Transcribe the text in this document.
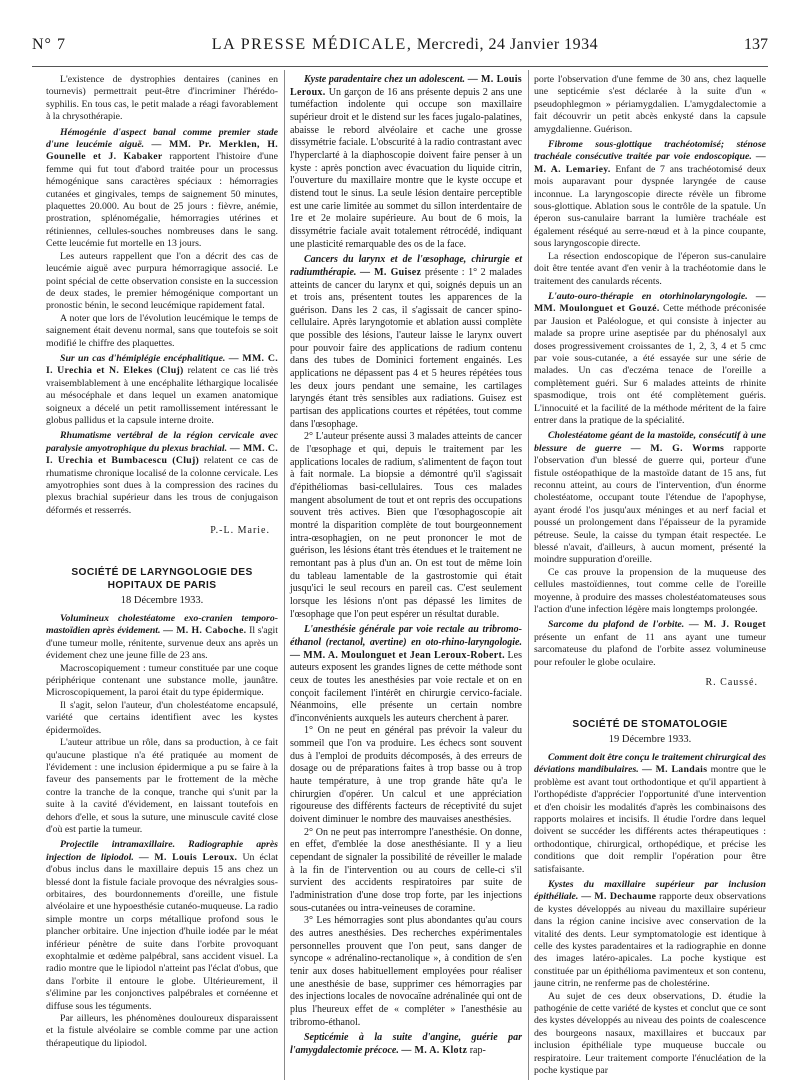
N° 7	LA PRESSE MÉDICALE, Mercredi, 24 Janvier 1934	137

L'existence de dystrophies dentaires (canines en tournevis) permettrait peut-être d'incriminer l'hérédo-syphilis. En tous cas, le petit malade a réagi favorablement à la chrysothérapie.

Hémogénie d'aspect banal comme premier stade d'une leucémie aiguë. — MM. Pr. Merklen, H. Gounelle et J. Kabaker rapportent l'histoire d'une femme qui fut tout d'abord traitée pour un processus hémogénique sans caractères spéciaux : hémorragies cutanées et gingivales, temps de saignement 50 minutes, plaquettes 20.000. Au bout de 25 jours : fièvre, anémie, prostration, splénomégalie, hémorragies utérines et rétiniennes, cellules-souches nombreuses dans le sang. Cette leucémie fut mortelle en 13 jours.

Les auteurs rappellent que l'on a décrit des cas de leucémie aiguë avec purpura hémorragique associé. Le point spécial de cette observation consiste en la succession de deux stades, le premier hémogénique comportant un pronostic bénin, le second leucémique rapidement fatal.

A noter que lors de l'évolution leucémique le temps de saignement était devenu normal, sans que toutefois se soit modifié le chiffre des plaquettes.

Sur un cas d'hémiplégie encéphalitique. — MM. C. I. Urechia et N. Elekes (Cluj) relatent ce cas lié très vraisemblablement à une encéphalite léthargique localisée au mésocéphale et dans lequel un examen anatomique soigneux a décelé un petit ramollissement intéressant le globus pallidus et la capsule interne droite.

Rhumatisme vertébral de la région cervicale avec paralysie amyotrophique du plexus brachial. — MM. C. I. Urechia et Bumbacescu (Cluj) relatent ce cas de rhumatisme chronique localisé de la colonne cervicale. Les amyotrophies sont dues à la compression des racines du plexus brachial supérieur dans les trous de conjugaison déformés et resserrés.

P.-L. Marie.
SOCIÉTÉ DE LARYNGOLOGIE DES HOPITAUX DE PARIS
18 Décembre 1933.

Volumineux cholestéatome exo-cranien temporo-mastoïdien après évidement. — M. H. Caboche. Il s'agit d'une tumeur molle, rénitente, survenue deux ans après un évidement chez une jeune fille de 23 ans.

Macroscopiquement : tumeur constituée par une coque périphérique contenant une substance molle, jaunâtre. Microscopiquement, la paroi était du type épidermique.

Il s'agit, selon l'auteur, d'un cholestéatome encapsulé, variété que certains identifient avec les kystes épidermoïdes.

L'auteur attribue un rôle, dans sa production, à ce fait qu'aucune plastique n'a été pratiquée au moment de l'évidement : une inclusion épidermique a pu se faire à la faveur des pansements par le frottement de la mèche contre la tranche de la conque, tranche qui s'unit par la suite à la cavité d'évidement, en laissant toutefois en dehors d'elle, et sous la suture, une minuscule cavité close d'où est partie la tumeur.

Projectile intramaxillaire. Radiographie après injection de lipiodol. — M. Louis Leroux. Un éclat d'obus inclus dans le maxillaire depuis 15 ans chez un blessé dont la fistule faciale provoque des névralgies sous-orbitaires, des bourdonnements d'oreille, une fistule alvéolaire et une hypoesthésie cutanéo-muqueuse. La radio simple montre un corps métallique profond sous le plancher orbitaire. Une injection d'huile iodée par le méat inférieur pénètre de suite dans l'orbite provoquant exophtalmie et œdème palpébral, sans accident visuel. La radio montre que le lipiodol n'atteint pas l'éclat d'obus, que dans l'orbite il entoure le globe. Ultérieurement, il s'élimine par les conjonctives palpébrales et cornéenne et diffuse sous les téguments.

Par ailleurs, les phénomènes douloureux disparaissent et la fistule alvéolaire se comble comme par une action thérapeutique du lipiodol.

Kyste paradentaire chez un adolescent. — M. Louis Leroux. Un garçon de 16 ans présente depuis 2 ans une tuméfaction indolente qui occupe son maxillaire supérieur droit et le distend sur les faces jugalo-palatines, abaisse le rebord alvéolaire et cache une grosse dissymétrie faciale. L'obscurité à la radio contrastant avec l'hyperclarté à la diaphoscopie doivent faire penser à un kyste : après ponction avec évacuation du liquide citrin, l'ouverture du maxillaire montre que le kyste occupe et distend tout le sinus. La seule lésion dentaire perceptible est une carie limitée au sommet du sillon interdentaire de 1re et 2e molaire supérieure. Au bout de 6 mois, la dissymétrie faciale avait totalement rétrocédé, indiquant une plasticité remarquable des os de la face.

Cancers du larynx et de l'œsophage, chirurgie et radiumthérapie. — M. Guisez présente : 1° 2 malades atteints de cancer du larynx et qui, soignés depuis un an et trois ans, présentent toutes les apparences de la guérison. Dans les 2 cas, il s'agissait de cancer spino-cellulaire. Après laryngotomie et ablation aussi complète que possible des lésions, l'auteur laisse le larynx ouvert pour pouvoir faire des applications de radium contenu dans des tubes de Dominici fortement engainés. Les applications ne dépassent pas 4 et 5 heures répétées tous les deux jours pendant une semaine, les cartilages laryngés étant très sensibles aux radiations. Guisez est partisan des applications courtes et répétées, tout comme dans l'œsophage.

2° L'auteur présente aussi 3 malades atteints de cancer de l'œsophage et qui, depuis le traitement par les applications locales de radium, s'alimentent de façon tout à fait normale. La biopsie a démontré qu'il s'agissait d'épithéliomas basi-cellulaires. Tous ces malades mangent absolument de tout et ont repris des occupations souvent très actives. Bien que l'œsophagoscopie ait montré la disparition complète de tout bourgeonnement intra-œsophagien, on ne peut prononcer le mot de guérison, les lésions étant très étendues et le traitement ne remontant pas à plus d'un an. On est tout de même loin du tableau lamentable de la gastrostomie qui était jusqu'ici le seul recours en pareil cas. C'est seulement lorsque les lésions n'ont pas dépassé les limites de l'œsophage que l'on peut espérer un résultat durable.

L'anesthésie générale par voie rectale au tribromo-éthanol (rectanol, avertine) en oto-rhino-laryngologie. — MM. A. Moulonguet et Jean Leroux-Robert. Les auteurs exposent les grandes lignes de cette méthode sont ceux de toutes les anesthésies par voie rectale et on en conçoit facilement l'intérêt en chirurgie cervico-faciale. Néanmoins, elle présente un certain nombre d'inconvénients auxquels les auteurs cherchent à parer.

1° On ne peut en général pas prévoir la valeur du sommeil que l'on va produire. Les échecs sont souvent dus à l'emploi de produits décomposés, à des erreurs de dosage ou de préparations faites à trop basse ou à trop haute température, à une trop grande hâte qu'a le chirurgien d'opérer. Un calcul et une appréciation rigoureuse des différents facteurs de réceptivité du sujet doivent diminuer le nombre des mauvaises anesthésies.

2° On ne peut pas interrompre l'anesthésie. On donne, en effet, d'emblée la dose anesthésiante. Il y a lieu cependant de signaler la possibilité de réveiller le malade à la fin de l'intervention ou au cours de celle-ci s'il survient des accidents respiratoires par suite de l'administration d'une dose trop forte, par les injections sous-cutanées ou intra-veineuses de coramine.

3° Les hémorragies sont plus abondantes qu'au cours des autres anesthésies. Des recherches expérimentales personnelles prouvent que l'on peut, sans danger de syncope « adrénalino-rectanolique », à condition de s'en tenir aux doses habituellement employées pour réaliser une anesthésie de base, supprimer ces hémorragies par des injections locales de novocaïne adrénalinée qui ont de plus l'heureux effet de « compléter » l'anesthésie au tribromo-éthanol.

Septicémie à la suite d'angine, guérie par l'amygdalectomie précoce. — M. A. Klotz rap-

porte l'observation d'une femme de 30 ans, chez laquelle une septicémie s'est déclarée à la suite d'un « pseudophlegmon » périamygdalien. L'amygdalectomie a fait découvrir un petit abcès enkysté dans la capsule amygdalienne. Guérison.

Fibrome sous-glottique trachéotomisé; sténose trachéale consécutive traitée par voie endoscopique. — M. A. Lemariey. Enfant de 7 ans trachéotomisé deux mois auparavant pour dyspnée laryngée de cause inconnue. La laryngoscopie directe révèle un fibrome sous-glottique. Ablation sous le contrôle de la spatule. Un éperon sus-canulaire barrant la lumière trachéale est également réséqué au serre-nœud et à la pince coupante, sous laryngoscopie directe.

La résection endoscopique de l'éperon sus-canulaire doit être tentée avant d'en venir à la trachéotomie dans le traitement des canulards récents.

L'auto-ouro-thérapie en otorhinolaryngologie. — MM. Moulonguet et Gouzé. Cette méthode préconisée par Jausion et Paléologue, et qui consiste à injecter au malade sa propre urine aseptisée par du phénosalyl aux doses progressivement croissantes de 1, 2, 3, 4 et 5 cmc par voie sous-cutanée, a été essayée sur une série de malades. Un cas d'eczéma tenace de l'oreille a complètement guéri. Sur 6 malades atteints de rhinite spasmodique, trois ont été complètement guéris. L'innocuité et la facilité de la méthode méritent de la faire entrer dans la pratique de la spécialité.

Cholestéatome géant de la mastoïde, consécutif à une blessure de guerre — M. G. Worms rapporte l'observation d'un blessé de guerre qui, porteur d'une fistule ostéopathique de la mastoïde datant de 15 ans, fut reconnu atteint, au cours de l'intervention, d'un énorme cholestéatome, occupant toute l'étendue de l'apophyse, ayant érodé l'os jusqu'aux méninges et au nerf facial et poussé un prolongement dans l'épaisseur de la pyramide pétreuse. Seule, la caisse du tympan était respectée. Le blessé n'avait, d'ailleurs, à aucun moment, présenté la moindre suppuration d'oreille.

Ce cas prouve la propension de la muqueuse des cellules mastoïdiennes, tout comme celle de l'oreille moyenne, à produire des masses cholestéatomateuses sous l'action d'une infection légère mais longtemps prolongée.

Sarcome du plafond de l'orbite. — M. J. Rouget présente un enfant de 11 ans ayant une tumeur sarcomateuse du plafond de l'orbite assez volumineuse pour refouler le globe oculaire.

R. Caussé.
SOCIÉTÉ DE STOMATOLOGIE
19 Décembre 1933.

Comment doit être conçu le traitement chirurgical des déviations mandibulaires. — M. Landais montre que le problème est avant tout orthodontique et qu'il appartient à l'orthopédiste d'apprécier l'opportunité d'une intervention et d'en choisir les modalités d'après les combinaisons des rapports molaires et incisifs. Il étudie l'ordre dans lequel doivent se succéder les différents actes thérapeutiques : orthodontique, chirurgical, orthopédique, et précise les conditions que doit remplir l'opération pour être satisfaisante.

Kystes du maxillaire supérieur par inclusion épithéliale. — M. Dechaume rapporte deux observations de kystes développés au niveau du maxillaire supérieur dans la région canine incisive avec conservation de la vitalité des dents. Leur symptomatologie est identique à celle des kystes paradentaires et la radiographie en donne des images latéro-apicales. La poche kystique est constituée par un épithélioma pavimenteux et son contenu, jaune citrin, ne renferme pas de cholestérine.

Au sujet de ces deux observations, D. étudie la pathogénie de cette variété de kystes et conclut que ce sont des kystes développés au niveau des points de coalescence des bourgeons nasaux, maxillaires et buccaux par inclusion épithéliale type muqueuse buccale ou respiratoire. Leur traitement comporte l'énucléation de la poche kystique par
